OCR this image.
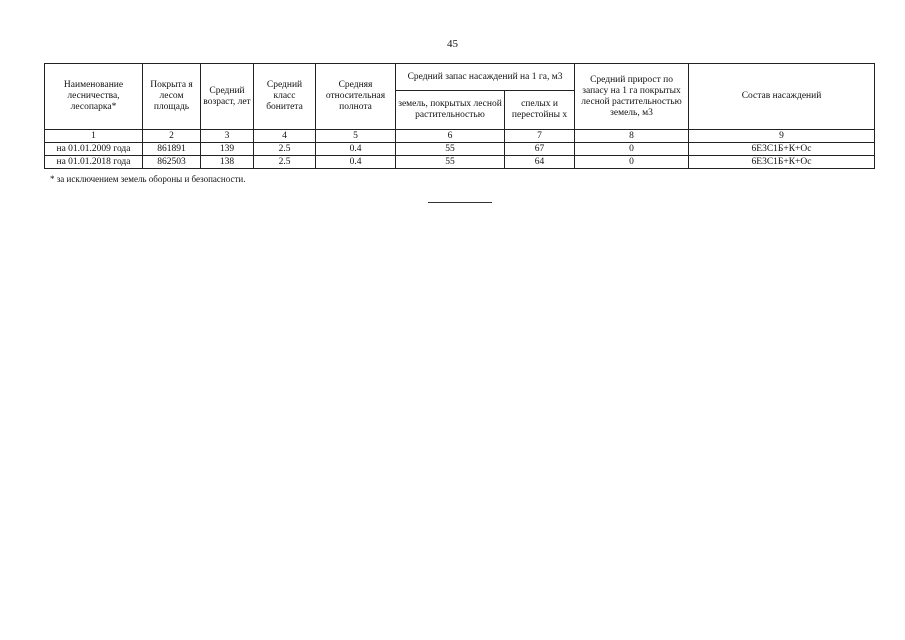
45
Наименование лесничества, лесопарка*	Покрыта я лесом площадь	Средний возраст, лет	Средний класс бонитета	Средняя относительная полнота	Средний запас насаждений на 1 га, м3		Средний прирост по запасу на 1 га покрытых лесной растительностью земель, м3	Состав насаждений
					земель, покрытых лесной растительностью	спелых и перестойны х		
1	2	3	4	5	6	7	8	9
на 01.01.2009 года	861891	139	2.5	0.4	55	67	0	6Е3С1Б+К+Ос
на 01.01.2018 года	862503	138	2.5	0.4	55	64	0	6Е3С1Б+К+Ос
* за исключением земель обороны и безопасности.
